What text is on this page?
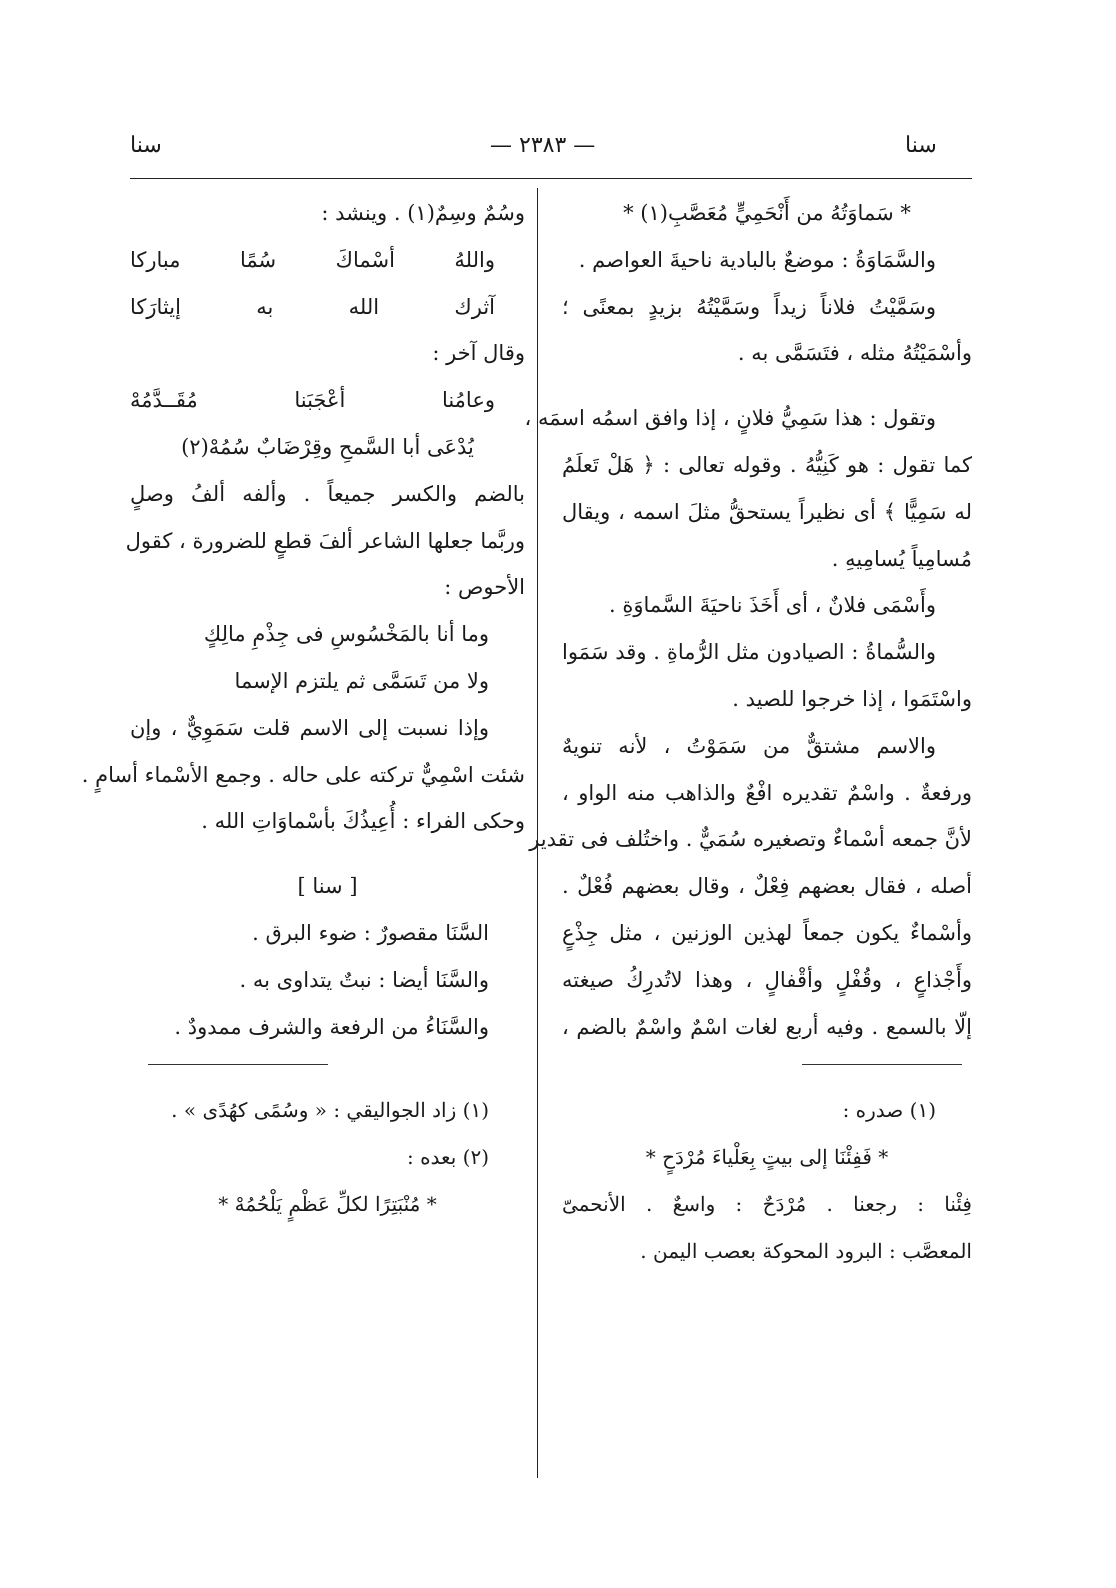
سنا	— ٢٣٨٣ —	سنا
* سَماوَتُهُ من أَنْحَمِيٍّ مُعَصَّبِ(١) *
والسَّمَاوَةُ : موضعٌ بالبادية ناحيةَ العواصم .
وسَمَّيْتُ فلاناً زيداً وسَمَّيْتُهُ بزيدٍ بمعنًى ؛
وأسْمَيْتُهُ مثله ، فتَسَمَّى به .
وتقول : هذا سَمِيُّ فلانٍ ، إذا وافق اسمُه اسمَه ،
كما تقول : هو كَنِيُّهُ . وقوله تعالى : ﴿ هَلْ تَعلَمُ
له سَمِيًّا ﴾ أى نظيراً يستحقُّ مثلَ اسمه ، ويقال
مُسامِياً يُسامِيهِ .
وأَسْمَى فلانٌ ، أى أَخَذَ ناحيَةَ السَّماوَةِ .
والسُّماةُ : الصيادون مثل الرُّماةِ . وقد سَمَوا
واسْتَمَوا ، إذا خرجوا للصيد .
والاسم مشتقٌّ من سَمَوْتُ ، لأنه تنويهٌ
ورفعةٌ . واسْمٌ تقديره افْعٌ والذاهب منه الواو ،
لأنَّ جمعه أسْماءٌ وتصغيره سُمَيٌّ . واختُلف فى تقدير
أصله ، فقال بعضهم فِعْلٌ ، وقال بعضهم فُعْلٌ .
وأسْماءٌ يكون جمعاً لهذين الوزنين ، مثل جِذْعٍ
وأَجْذاعٍ ، وقُفْلٍ وأقْفالٍ ، وهذا لاتُدرِكُ صيغته
إلّا بالسمع . وفيه أربع لغات اسْمٌ واسْمٌ بالضم ،
(١) صدره :
* فَفِئْنَا إلى بيتٍ بِعَلْياءَ مُرْدَحٍ *
فِئْنا : رجعنا . مُرْدَحٌ : واسعٌ . الأنحمىّ
المعصَّب : البرود المحوكة بعصب اليمن .
وسُمٌ وسِمٌ(١) . وينشد :
واللهُ
أسْماكَ
سُمًا
مباركا
آثرك
الله
به
إيثارَكا
وقال آخر :
وعامُنا
أعْجَبَنا
مُقَــدَّمُهْ
يُدْعَى أبا السَّمحِ وقِرْضَابٌ سُمُهْ(٢)
بالضم والكسر جميعاً . وألفه ألفُ وصلٍ
وربَّما جعلها الشاعر ألفَ قطعٍ للضرورة ، كقول
الأحوص :
وما أنا بالمَخْسُوسِ فى جِذْمِ مالِكٍ
ولا من تَسَمَّى ثم يلتزم الإسما
وإذا نسبت إلى الاسم قلت سَمَوِيٌّ ، وإن
شئت اسْمِيٌّ تركته على حاله . وجمع الأسْماء أسامٍ .
وحكى الفراء : أُعِيذُكَ بأسْماوَاتِ الله .
[ سنا ]
السَّنَا مقصورٌ : ضوء البرق .
والسَّنَا أيضا : نبتٌ يتداوى به .
والسَّنَاءُ من الرفعة والشرف ممدودٌ .
(١) زاد الجواليقي : « وسُمًى كهُدًى » .
(٢) بعده :
* مُنْبَتِرًا لكلِّ عَظْمٍ يَلْحُمُهْ *
